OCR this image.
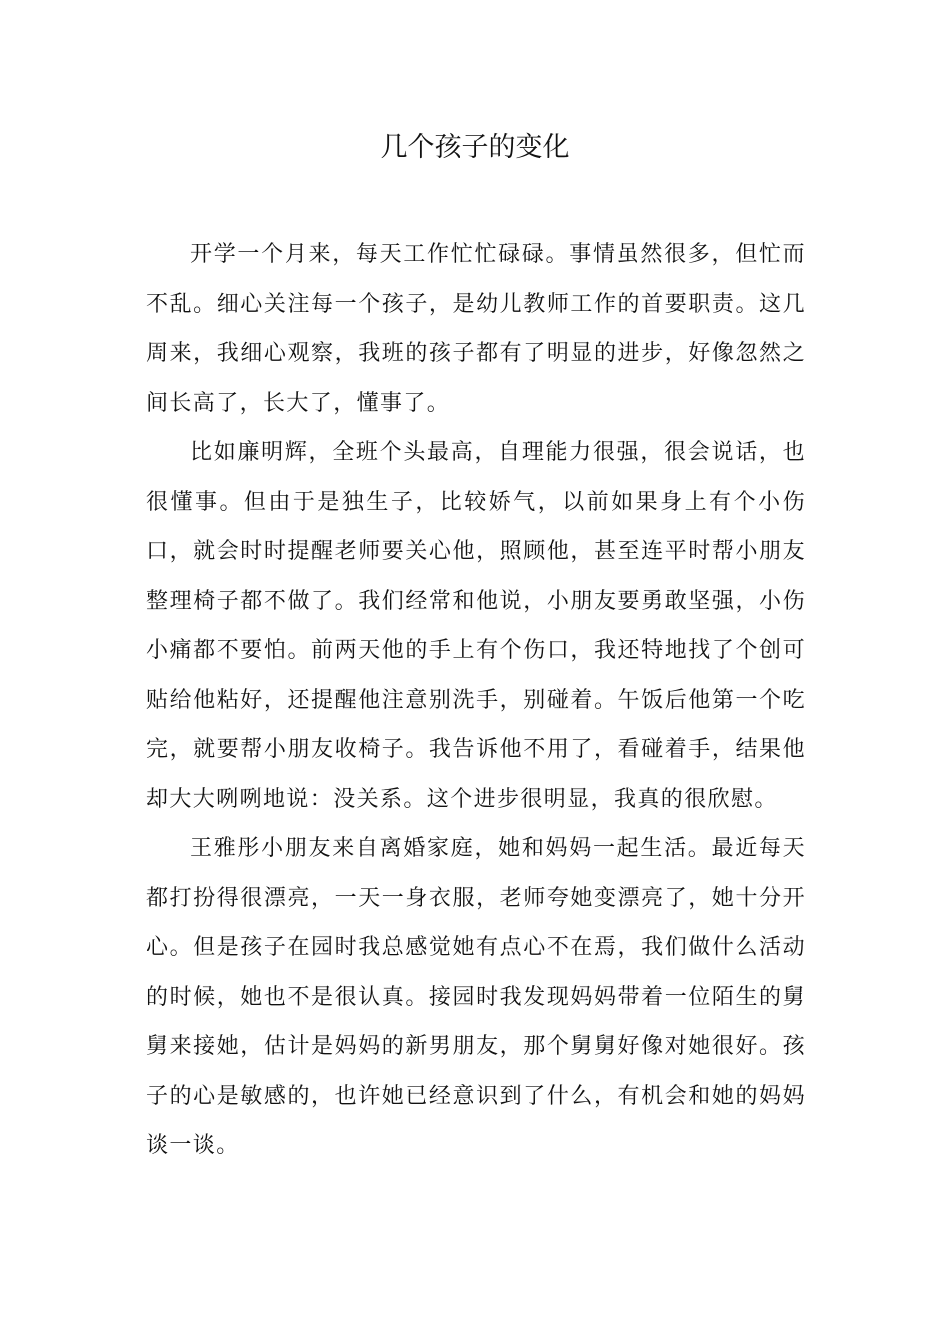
几个孩子的变化

开学一个月来，每天工作忙忙碌碌。事情虽然很多，但忙而不乱。细心关注每一个孩子，是幼儿教师工作的首要职责。这几周来，我细心观察，我班的孩子都有了明显的进步，好像忽然之间长高了，长大了，懂事了。

比如廉明辉，全班个头最高，自理能力很强，很会说话，也很懂事。但由于是独生子，比较娇气，以前如果身上有个小伤口，就会时时提醒老师要关心他，照顾他，甚至连平时帮小朋友整理椅子都不做了。我们经常和他说，小朋友要勇敢坚强，小伤小痛都不要怕。前两天他的手上有个伤口，我还特地找了个创可贴给他粘好，还提醒他注意别洗手，别碰着。午饭后他第一个吃完，就要帮小朋友收椅子。我告诉他不用了，看碰着手，结果他却大大咧咧地说：没关系。这个进步很明显，我真的很欣慰。

王雅彤小朋友来自离婚家庭，她和妈妈一起生活。最近每天都打扮得很漂亮，一天一身衣服，老师夸她变漂亮了，她十分开心。但是孩子在园时我总感觉她有点心不在焉，我们做什么活动的时候，她也不是很认真。接园时我发现妈妈带着一位陌生的舅舅来接她，估计是妈妈的新男朋友，那个舅舅好像对她很好。孩子的心是敏感的，也许她已经意识到了什么，有机会和她的妈妈谈一谈。
